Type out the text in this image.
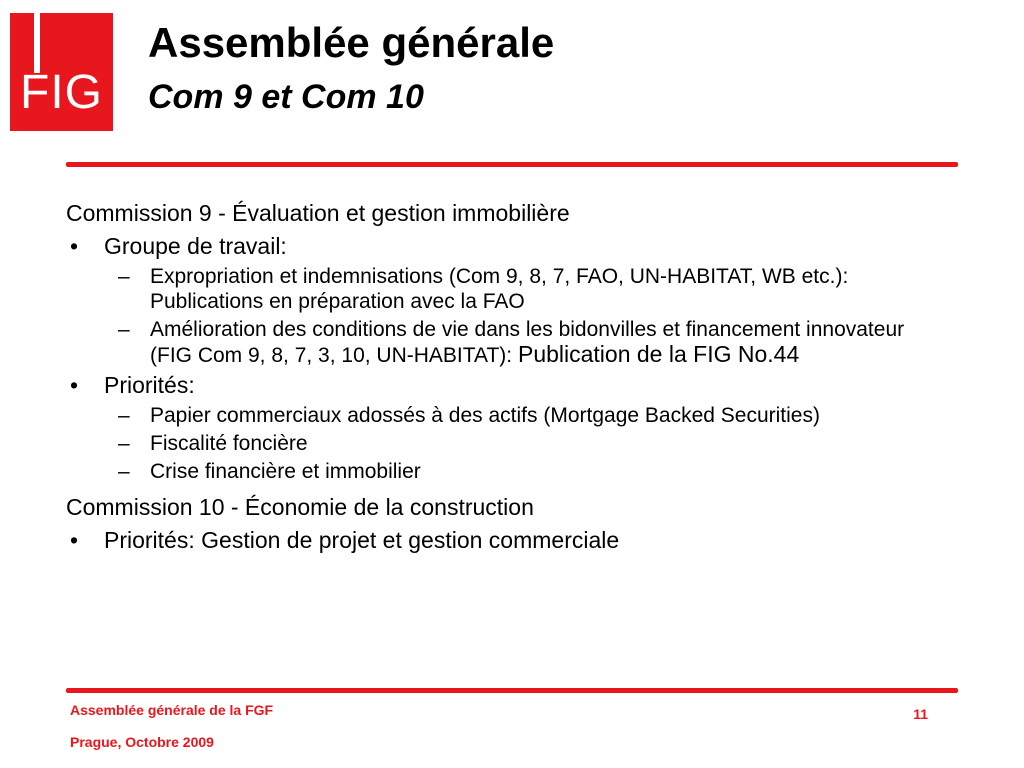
FIG
Assemblée générale
Com 9 et Com 10
Commission 9 - Évaluation et gestion immobilière
• Groupe de travail:
– Expropriation et indemnisations (Com 9, 8, 7, FAO, UN-HABITAT, WB etc.): Publications en préparation avec la FAO
– Amélioration des conditions de vie dans les bidonvilles et financement innovateur (FIG Com 9, 8, 7, 3, 10, UN-HABITAT): Publication de la FIG No.44
• Priorités:
– Papier commerciaux adossés à des actifs (Mortgage Backed Securities)
– Fiscalité foncière
– Crise financière et immobilier
Commission 10 - Économie de la construction
• Priorités: Gestion de projet et gestion commerciale
Assemblée générale de la FGF
Prague, Octobre 2009
11
